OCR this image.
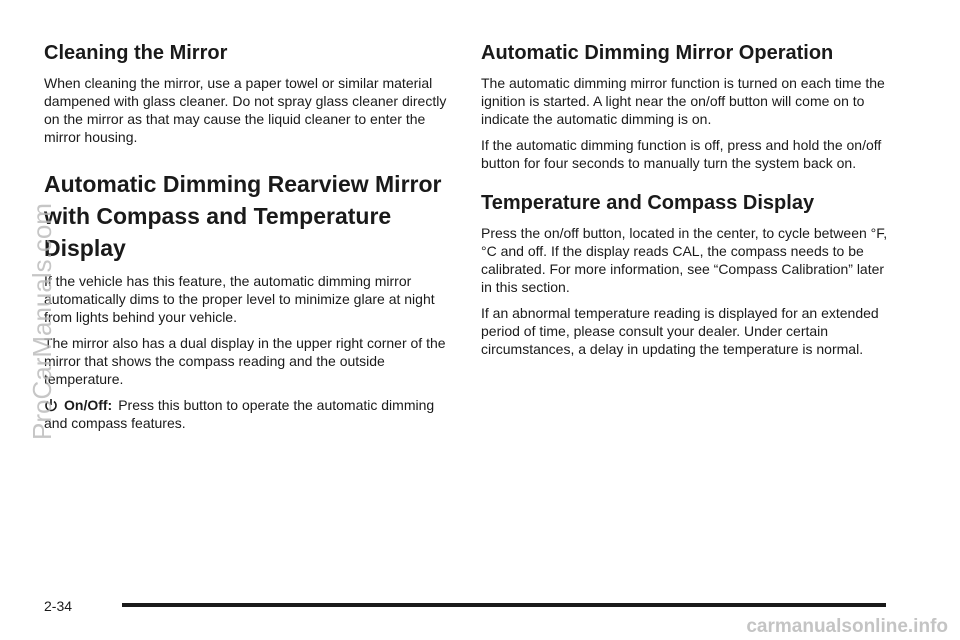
Cleaning the Mirror

When cleaning the mirror, use a paper towel or similar material dampened with glass cleaner. Do not spray glass cleaner directly on the mirror as that may cause the liquid cleaner to enter the mirror housing.

Automatic Dimming Rearview Mirror with Compass and Temperature Display

If the vehicle has this feature, the automatic dimming mirror automatically dims to the proper level to minimize glare at night from lights behind your vehicle.

The mirror also has a dual display in the upper right corner of the mirror that shows the compass reading and the outside temperature.

On/Off: Press this button to operate the automatic dimming and compass features.

Automatic Dimming Mirror Operation

The automatic dimming mirror function is turned on each time the ignition is started. A light near the on/off button will come on to indicate the automatic dimming is on.

If the automatic dimming function is off, press and hold the on/off button for four seconds to manually turn the system back on.

Temperature and Compass Display

Press the on/off button, located in the center, to cycle between °F, °C and off. If the display reads CAL, the compass needs to be calibrated. For more information, see “Compass Calibration” later in this section.

If an abnormal temperature reading is displayed for an extended period of time, please consult your dealer. Under certain circumstances, a delay in updating the temperature is normal.

2-34
ProCarManuals.com
carmanualsonline.info
